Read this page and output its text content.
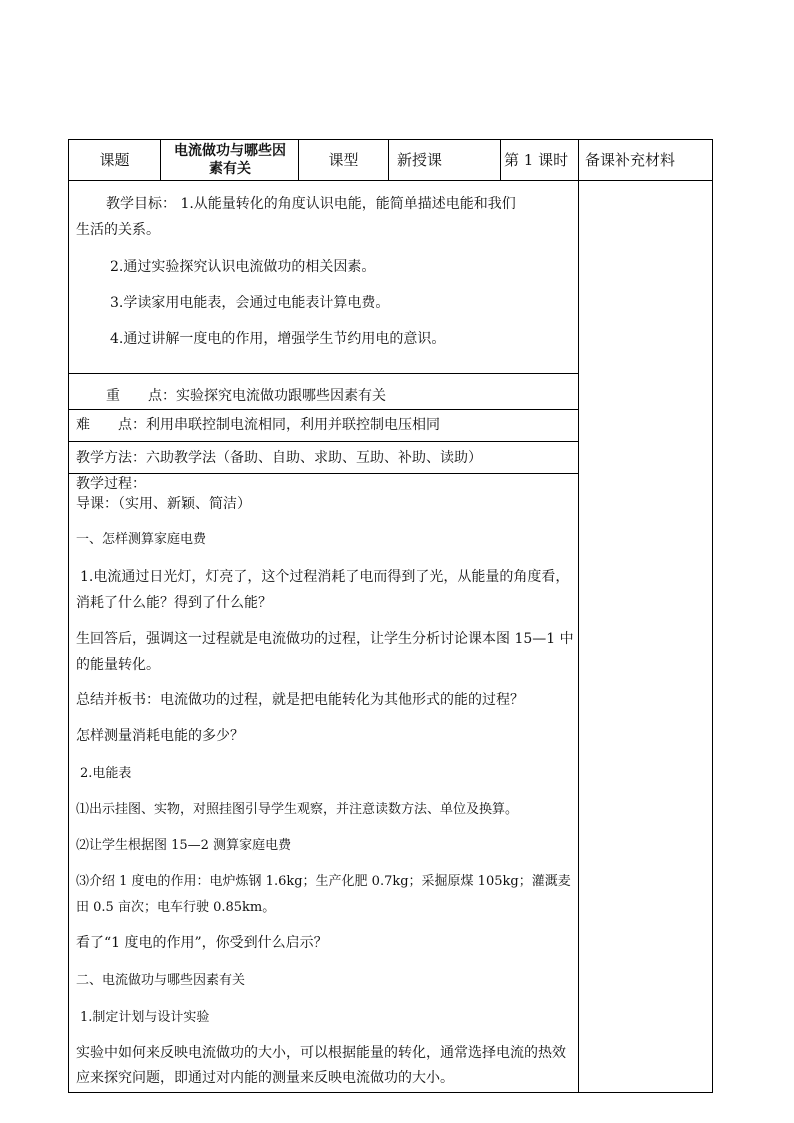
课题	电流做功与哪些因素有关	课型	新授课	第 1 课时	备课补充材料
教学目标： 1.从能量转化的角度认识电能，能简单描述电能和我们
生活的关系。
2.通过实验探究认识电流做功的相关因素。
3.学读家用电能表，会通过电能表计算电费。
4.通过讲解一度电的作用，增强学生节约用电的意识。
重　　点：实验探究电流做功跟哪些因素有关
难　　点：利用串联控制电流相同，利用并联控制电压相同
教学方法：六助教学法（备助、自助、求助、互助、补助、读助）
教学过程：
导课：（实用、新颖、简洁）
一、怎样测算家庭电费
1.电流通过日光灯，灯亮了，这个过程消耗了电而得到了光，从能量的角度看，
消耗了什么能？得到了什么能？
生回答后，强调这一过程就是电流做功的过程，让学生分析讨论课本图 15—1 中
的能量转化。
总结并板书：电流做功的过程，就是把电能转化为其他形式的能的过程？
怎样测量消耗电能的多少？
2.电能表
⑴出示挂图、实物，对照挂图引导学生观察，并注意读数方法、单位及换算。
⑵让学生根据图 15—2 测算家庭电费
⑶介绍 1 度电的作用：电炉炼钢 1.6kg；生产化肥 0.7kg；采掘原煤 105kg；灌溉麦
田 0.5 亩次；电车行驶 0.85km。
看了“1 度电的作用”，你受到什么启示？
二、电流做功与哪些因素有关
1.制定计划与设计实验
实验中如何来反映电流做功的大小，可以根据能量的转化，通常选择电流的热效
应来探究问题，即通过对内能的测量来反映电流做功的大小。
